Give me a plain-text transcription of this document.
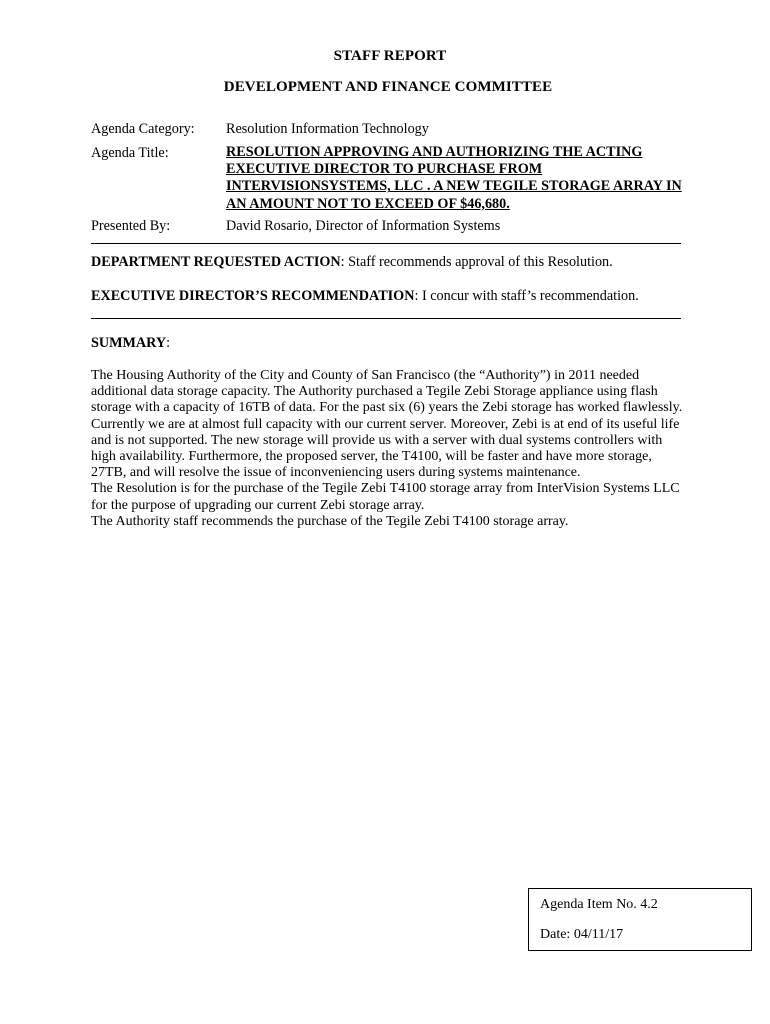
STAFF REPORT
DEVELOPMENT AND FINANCE COMMITTEE
Agenda Category: Resolution Information Technology
Agenda Title:	RESOLUTION APPROVING AND AUTHORIZING THE ACTING
EXECUTIVE DIRECTOR TO PURCHASE FROM
INTERVISIONSYSTEMS, LLC . A NEW TEGILE STORAGE ARRAY IN
AN AMOUNT NOT TO EXCEED OF $46,680.
Presented By:	David Rosario, Director of Information Systems
DEPARTMENT REQUESTED ACTION: Staff recommends approval of this Resolution.
EXECUTIVE DIRECTOR’S RECOMMENDATION: I concur with staff’s recommendation.
SUMMARY:
The Housing Authority of the City and County of San Francisco (the “Authority”) in 2011 needed
additional data storage capacity. The Authority purchased a Tegile Zebi Storage appliance using flash
storage with a capacity of 16TB of data. For the past six (6) years the Zebi storage has worked flawlessly.
Currently we are at almost full capacity with our current server. Moreover, Zebi is at end of its useful life
and is not supported. The new storage will provide us with a server with dual systems controllers with
high availability. Furthermore, the proposed server, the T4100, will be faster and have more storage,
27TB, and will resolve the issue of inconveniencing users during systems maintenance.
The Resolution is for the purchase of the Tegile Zebi T4100 storage array from InterVision Systems LLC
for the purpose of upgrading our current Zebi storage array.
The Authority staff recommends the purchase of the Tegile Zebi T4100 storage array.
Agenda Item No. 4.2
Date: 04/11/17
